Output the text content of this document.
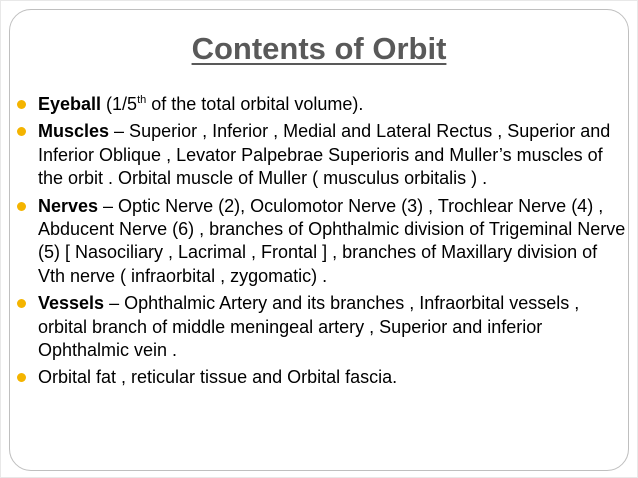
Contents of Orbit
Eyeball (1/5th of the total orbital volume).
Muscles – Superior , Inferior , Medial and Lateral Rectus , Superior and Inferior Oblique , Levator Palpebrae Superioris and Muller’s muscles of the orbit . Orbital muscle of Muller ( musculus orbitalis ) .
Nerves – Optic Nerve (2), Oculomotor Nerve (3) , Trochlear Nerve (4) , Abducent Nerve (6) , branches of Ophthalmic division of Trigeminal Nerve (5) [ Nasociliary , Lacrimal , Frontal ] , branches of Maxillary division of Vth nerve ( infraorbital , zygomatic) .
Vessels – Ophthalmic Artery and its branches , Infraorbital vessels , orbital branch of middle meningeal artery , Superior and inferior Ophthalmic vein .
Orbital fat , reticular tissue and Orbital fascia.
